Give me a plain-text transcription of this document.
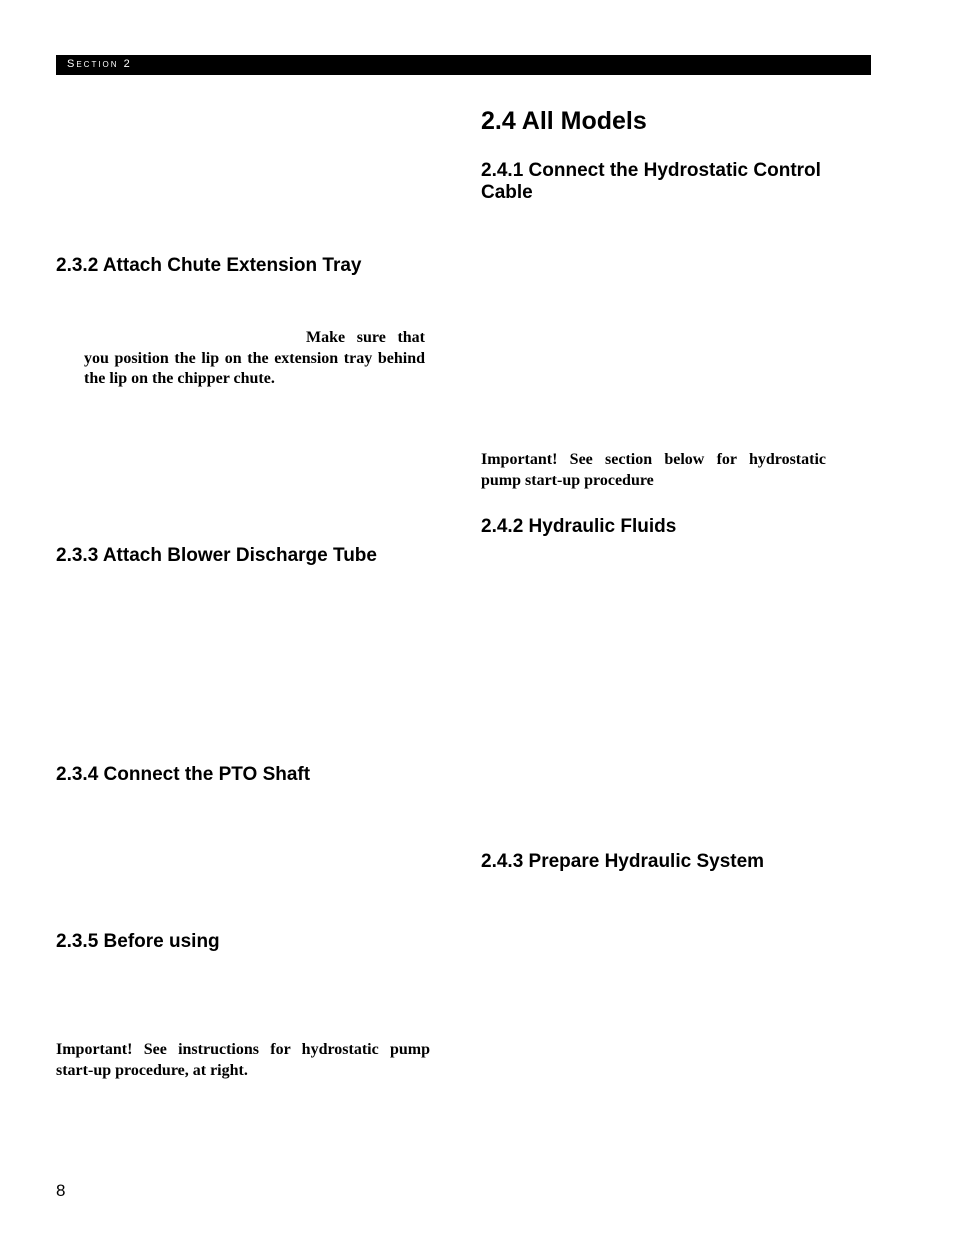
Section 2
2.3.2 Attach Chute Extension Tray

Make sure that you position the lip on the extension tray behind the lip on the chipper chute.

2.3.3 Attach Blower Discharge Tube
2.3.4 Connect the PTO Shaft
2.3.5 Before using

Important! See instructions for hydrostatic pump start-up procedure, at right.

2.4 All Models
2.4.1 Connect the Hydrostatic Control Cable

Important! See section below for hydrostatic pump start-up procedure

2.4.2 Hydraulic Fluids
2.4.3 Prepare Hydraulic System
8
